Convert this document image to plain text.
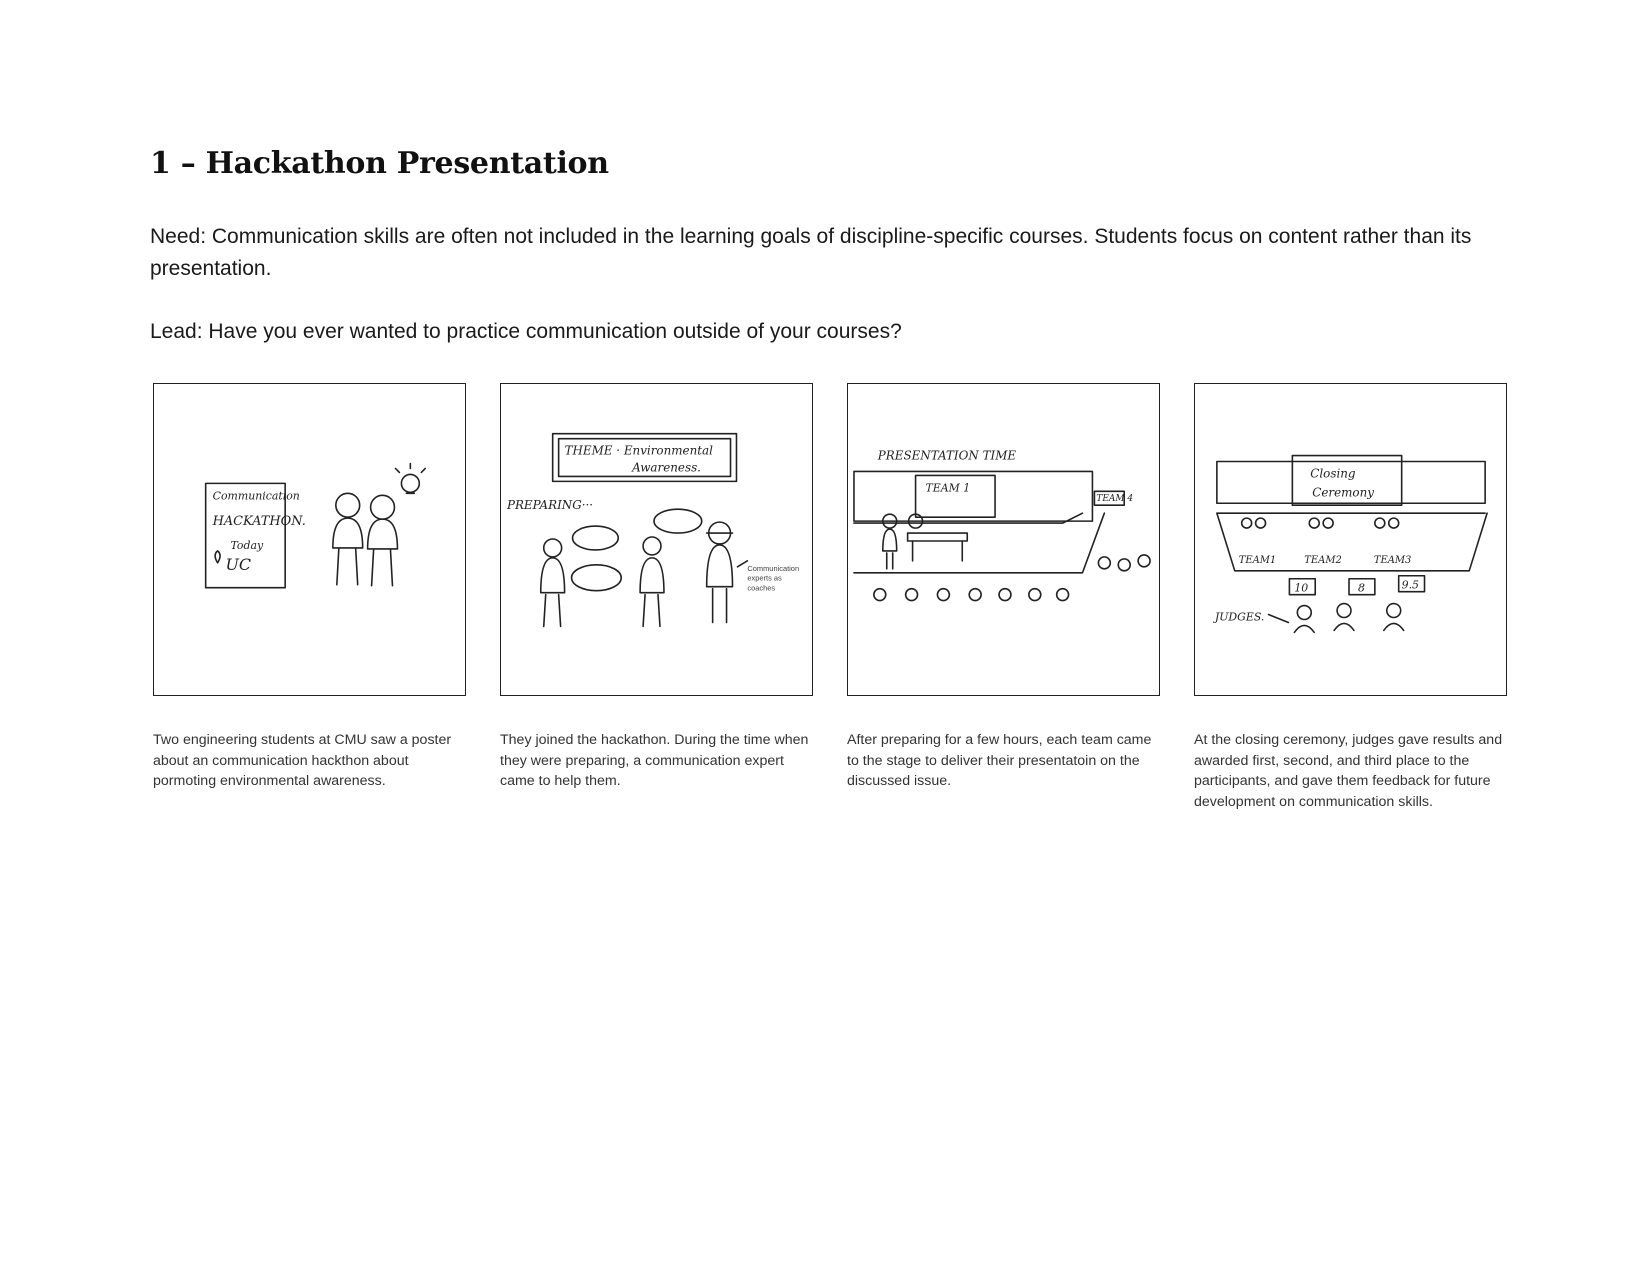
1 – Hackathon Presentation

Need: Communication skills are often not included in the learning goals of discipline-specific courses. Students focus on content rather than its presentation.

Lead: Have you ever wanted to practice communication outside of your courses?

Communication
HACKATHON.
Today
UC

Two engineering students at CMU saw a poster about an communication hackthon about pormoting environmental awareness.

THEME · Environmental
Awareness.
PREPARING···
Communication
experts as
coaches

They joined the hackathon. During the time when they were preparing, a communication expert came to help them.

PRESENTATION TIME
TEAM 1
TEAM 4

After preparing for a few hours, each team came to the stage to deliver their presentatoin on the discussed issue.

Closing
Ceremony
TEAM1	TEAM2	TEAM3
10	8	9.5
JUDGES.

At the closing ceremony, judges gave results and awarded first, second, and third place to the participants, and gave them feedback for future development on communication skills.
